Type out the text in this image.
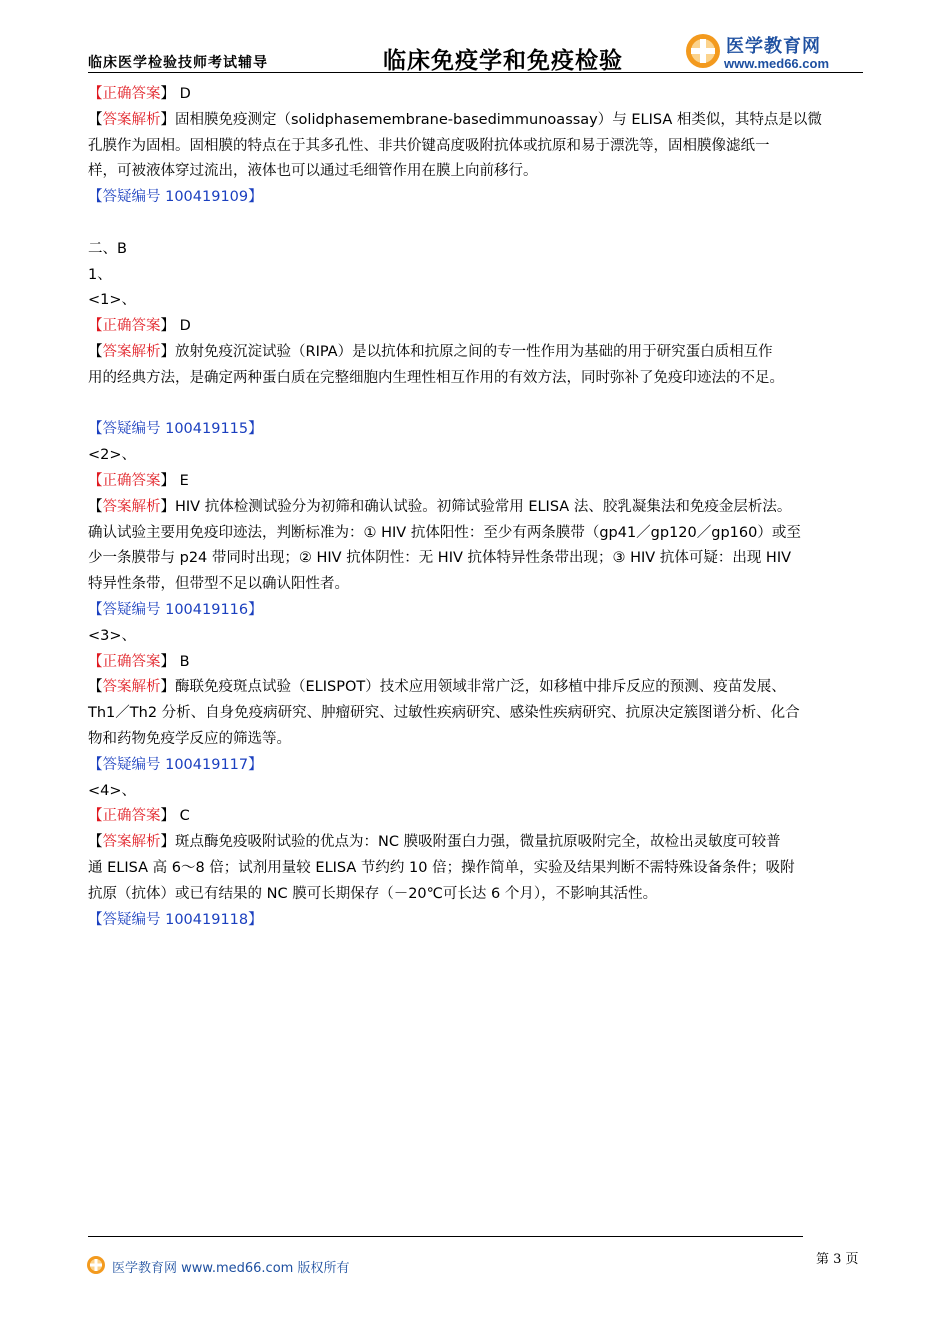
临床医学检验技师考试辅导	临床免疫学和免疫检验
医学教育网
www.med66.com
【正确答案】 D
【答案解析】固相膜免疫测定（solidphasemembrane-basedimmunoassay）与 ELISA 相类似，其特点是以微
孔膜作为固相。固相膜的特点在于其多孔性、非共价键高度吸附抗体或抗原和易于漂洗等，固相膜像滤纸一
样，可被液体穿过流出，液体也可以通过毛细管作用在膜上向前移行。
【答疑编号 100419109】
二、B
1、
<1>、
【正确答案】 D
【答案解析】放射免疫沉淀试验（RIPA）是以抗体和抗原之间的专一性作用为基础的用于研究蛋白质相互作
用的经典方法，是确定两种蛋白质在完整细胞内生理性相互作用的有效方法，同时弥补了免疫印迹法的不足。
【答疑编号 100419115】
<2>、
【正确答案】 E
【答案解析】HIV 抗体检测试验分为初筛和确认试验。初筛试验常用 ELISA 法、胶乳凝集法和免疫金层析法。
确认试验主要用免疫印迹法，判断标准为：① HIV 抗体阳性：至少有两条膜带（gp41／gp120／gp160）或至
少一条膜带与 p24 带同时出现；② HIV 抗体阴性：无 HIV 抗体特异性条带出现；③ HIV 抗体可疑：出现 HIV
特异性条带，但带型不足以确认阳性者。
【答疑编号 100419116】
<3>、
【正确答案】 B
【答案解析】酶联免疫斑点试验（ELISPOT）技术应用领域非常广泛，如移植中排斥反应的预测、疫苗发展、
Th1／Th2 分析、自身免疫病研究、肿瘤研究、过敏性疾病研究、感染性疾病研究、抗原决定簇图谱分析、化合
物和药物免疫学反应的筛选等。
【答疑编号 100419117】
<4>、
【正确答案】 C
【答案解析】斑点酶免疫吸附试验的优点为：NC 膜吸附蛋白力强，微量抗原吸附完全，故检出灵敏度可较普
通 ELISA 高 6～8 倍；试剂用量较 ELISA 节约约 10 倍；操作简单，实验及结果判断不需特殊设备条件；吸附
抗原（抗体）或已有结果的 NC 膜可长期保存（－20℃可长达 6 个月），不影响其活性。
【答疑编号 100419118】
医学教育网 www.med66.com 版权所有
第 3 页
